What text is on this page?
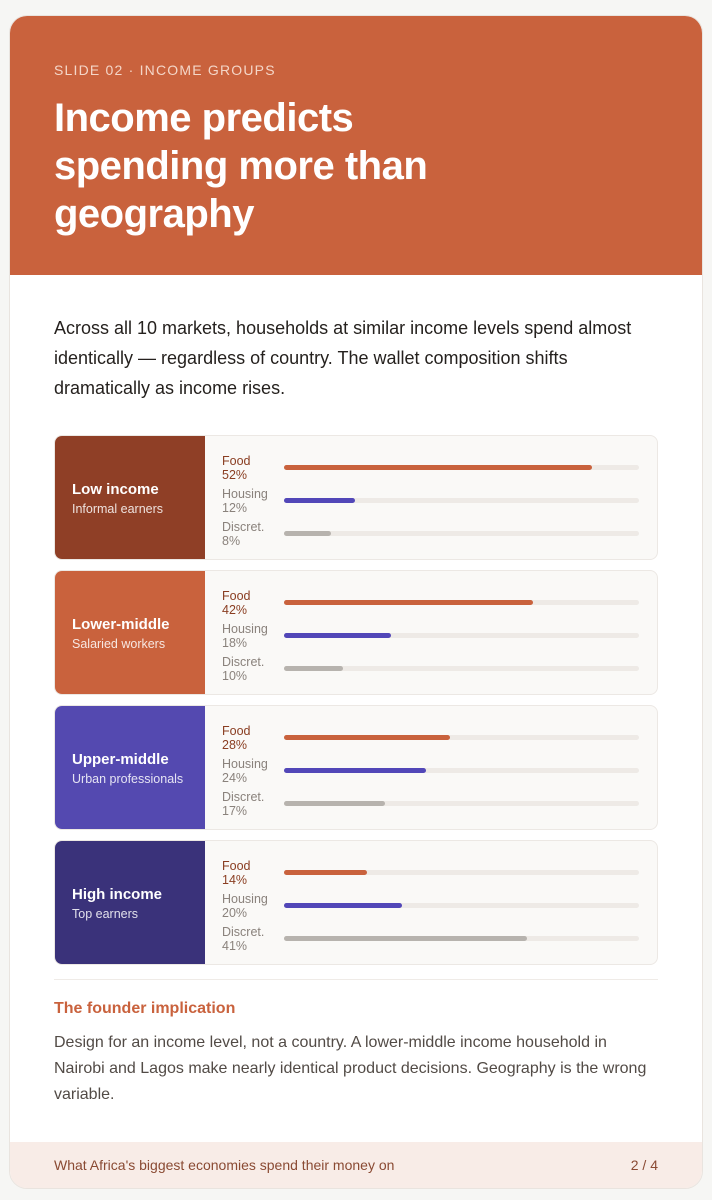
SLIDE 02 · INCOME GROUPS
Income predicts spending more than geography

Across all 10 markets, households at similar income levels spend almost identically — regardless of country. The wallet composition shifts dramatically as income rises.

Low income
Informal earners
Food
52%
Housing
12%
Discret.
8%
Lower-middle
Salaried workers
Food
42%
Housing
18%
Discret.
10%
Upper-middle
Urban professionals
Food
28%
Housing
24%
Discret.
17%
High income
Top earners
Food
14%
Housing
20%
Discret.
41%
The founder implication

Design for an income level, not a country. A lower-middle income household in Nairobi and Lagos make nearly identical product decisions. Geography is the wrong variable.

What Africa's biggest economies spend their money on	2 / 4
